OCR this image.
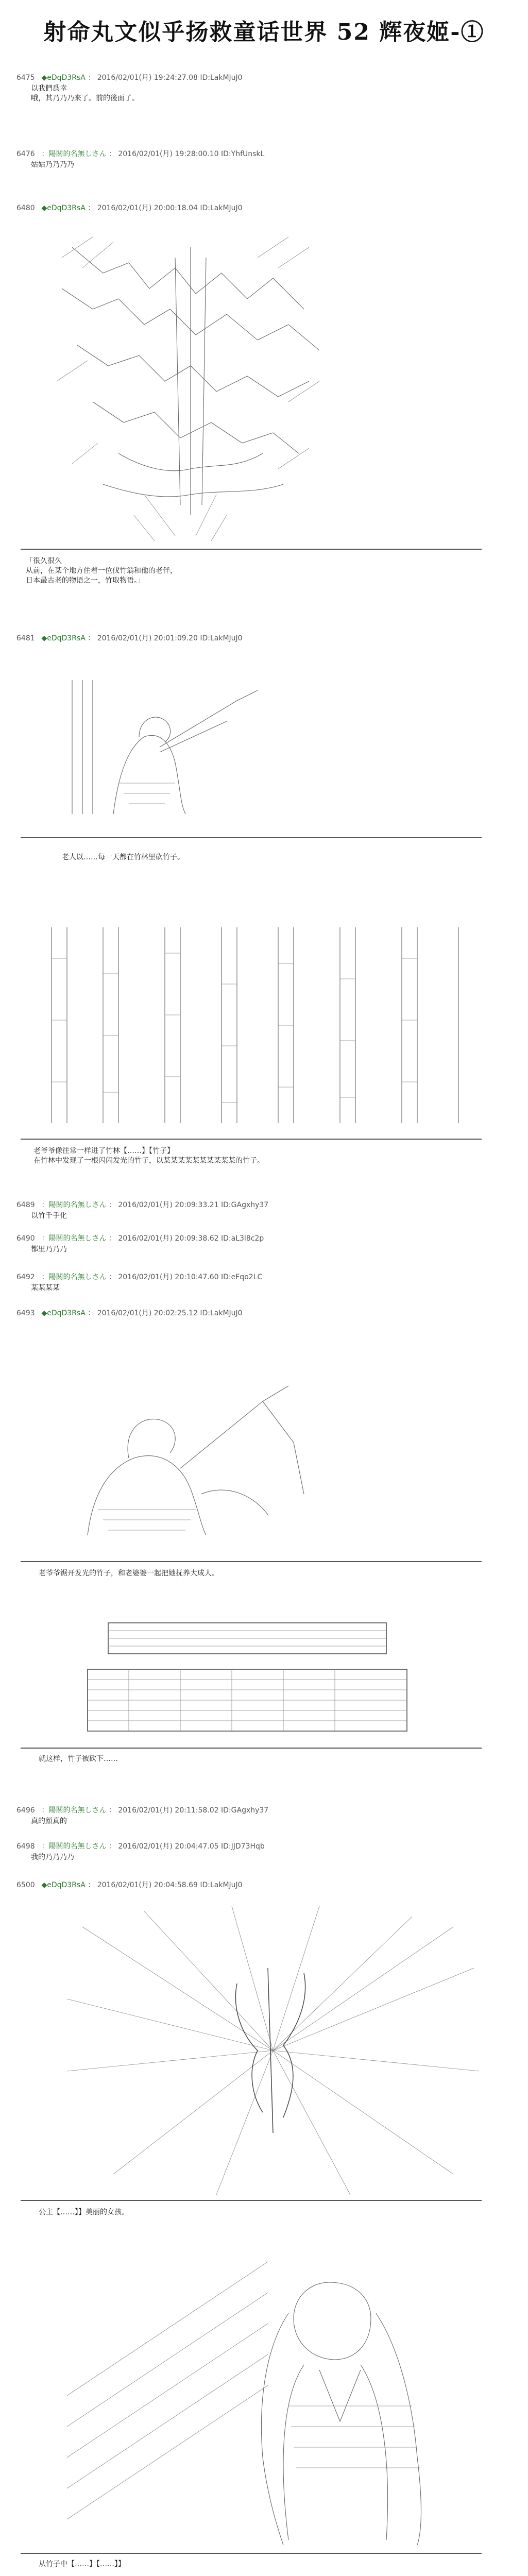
射命丸文似乎扬救童话世界 52 辉夜姬-①
6475 ◆eDqD3RsA ： 2016/02/01(月) 19:24:27.08 ID:LakMJuJ0

以我們爲幸

哦，其乃乃乃来了。前的後面了。

6476 ：陽關的名無しさん ： 2016/02/01(月) 19:28:00.10 ID:YhfUnskL

姑姑乃乃乃乃

6480 ◆eDqD3RsA ： 2016/02/01(月) 20:00:18.04 ID:LakMJuJ0
「很久很久
从前，在某个地方住着一位伐竹翁和他的老伴，
日本最古老的物语之一，竹取物语。」
6481 ◆eDqD3RsA ： 2016/02/01(月) 20:01:09.20 ID:LakMJuJ0
老人以……每一天都在竹林里砍竹子。
老爷爷像往常一样进了竹林【……】【竹子】
在竹林中发现了一根闪闪发光的竹子，以某某某某某某某某某某的竹子。
6489 ：陽關的名無しさん ： 2016/02/01(月) 20:09:33.21 ID:GAgxhy37

以竹千手化

6490 ：陽關的名無しさん ： 2016/02/01(月) 20:09:38.62 ID:aL3l8c2p

都里乃乃乃

6492 ：陽關的名無しさん ： 2016/02/01(月) 20:10:47.60 ID:eFqo2LC

某某某某

6493 ◆eDqD3RsA ： 2016/02/01(月) 20:02:25.12 ID:LakMJuJ0
老爷爷锯开发光的竹子，和老婆婆一起把她抚养大成人。
就这样，竹子被砍下……
6496 ：陽關的名無しさん ： 2016/02/01(月) 20:11:58.02 ID:GAgxhy37

真的顔真的

6498 ：陽關的名無しさん ： 2016/02/01(月) 20:04:47.05 ID:JJD73Hqb

我的乃乃乃乃

6500 ◆eDqD3RsA ： 2016/02/01(月) 20:04:58.69 ID:LakMJuJ0
公主【……】】美丽的女孩。
从竹子中【……】【……】】
